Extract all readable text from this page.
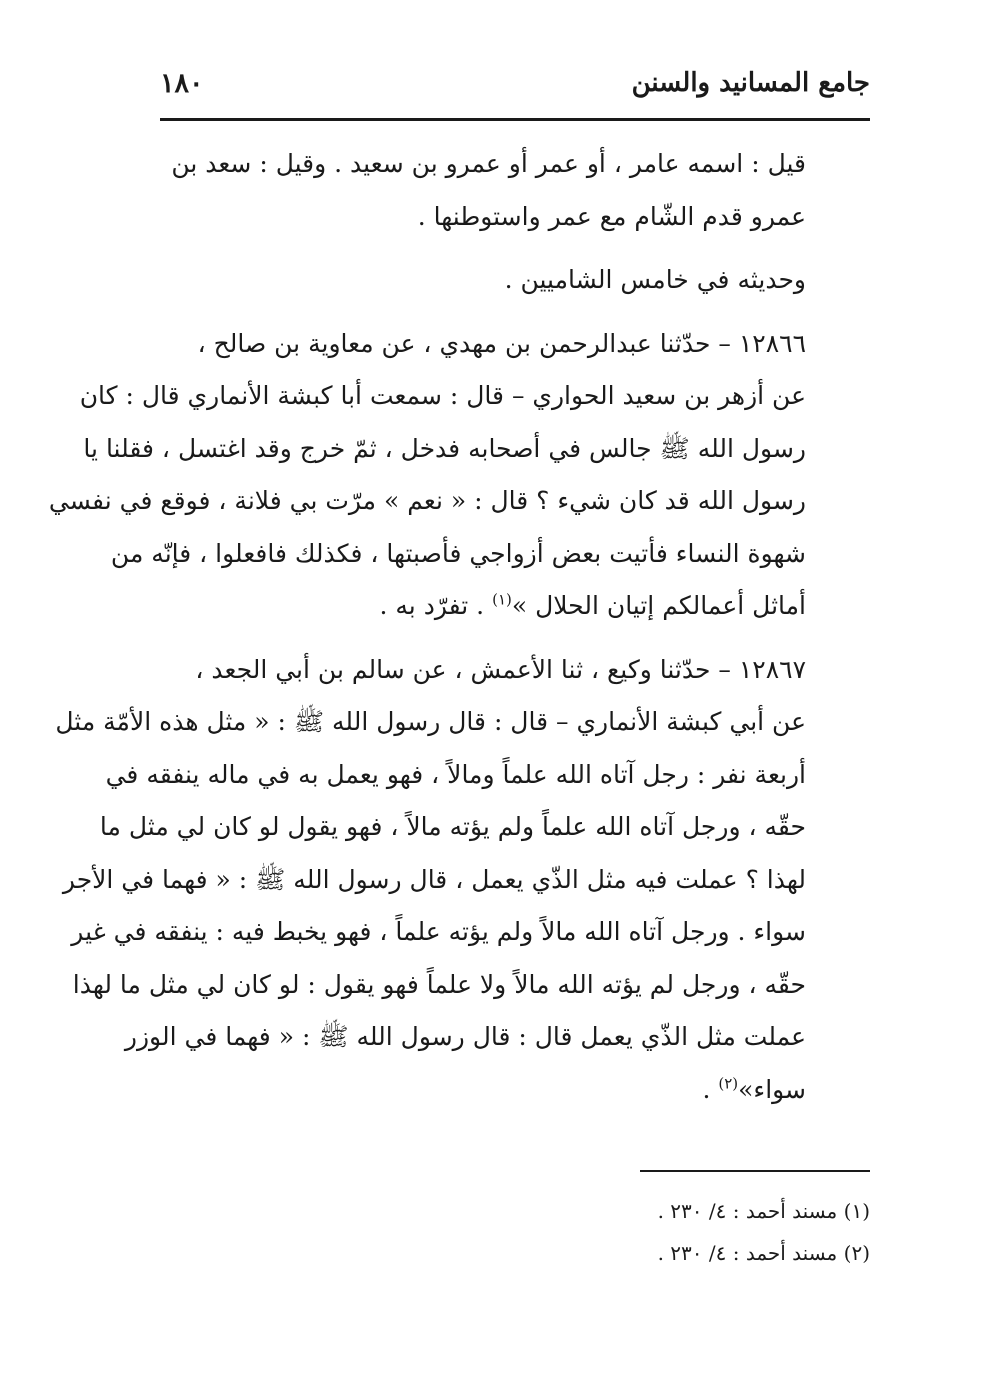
جامع المسانيد والسنن
١٨٠

قيل : اسمه عامر ، أو عمر أو عمرو بن سعيد . وقيل : سعد بن
عمرو قدم الشّام مع عمر واستوطنها .

وحديثه في خامس الشاميين .

١٢٨٦٦ – حدّثنا عبدالرحمن بن مهدي ، عن معاوية بن صالح ،
عن أزهر بن سعيد الحواري – قال : سمعت أبا كبشة الأنماري قال : كان
رسول الله ﷺ جالس في أصحابه فدخل ، ثمّ خرج وقد اغتسل ، فقلنا يا
رسول الله قد كان شيء ؟ قال : « نعم » مرّت بي فلانة ، فوقع في نفسي
شهوة النساء فأتيت بعض أزواجي فأصبتها ، فكذلك فافعلوا ، فإنّه من
أماثل أعمالكم إتيان الحلال »$^{(١)}$ . تفرّد به .

١٢٨٦٧ – حدّثنا وكيع ، ثنا الأعمش ، عن سالم بن أبي الجعد ،
عن أبي كبشة الأنماري – قال : قال رسول الله ﷺ : « مثل هذه الأمّة مثل
أربعة نفر : رجل آتاه الله علماً ومالاً ، فهو يعمل به في ماله ينفقه في
حقّه ، ورجل آتاه الله علماً ولم يؤته مالاً ، فهو يقول لو كان لي مثل ما
لهذا ؟ عملت فيه مثل الذّي يعمل ، قال رسول الله ﷺ : « فهما في الأجر
سواء . ورجل آتاه الله مالاً ولم يؤته علماً ، فهو يخبط فيه : ينفقه في غير
حقّه ، ورجل لم يؤته الله مالاً ولا علماً فهو يقول : لو كان لي مثل ما لهذا
عملت مثل الذّي يعمل قال : قال رسول الله ﷺ : « فهما في الوزر
سواء»$^{(٢)}$ .

(١) مسند أحمد : ٤/ ٢٣٠ .
(٢) مسند أحمد : ٤/ ٢٣٠ .
